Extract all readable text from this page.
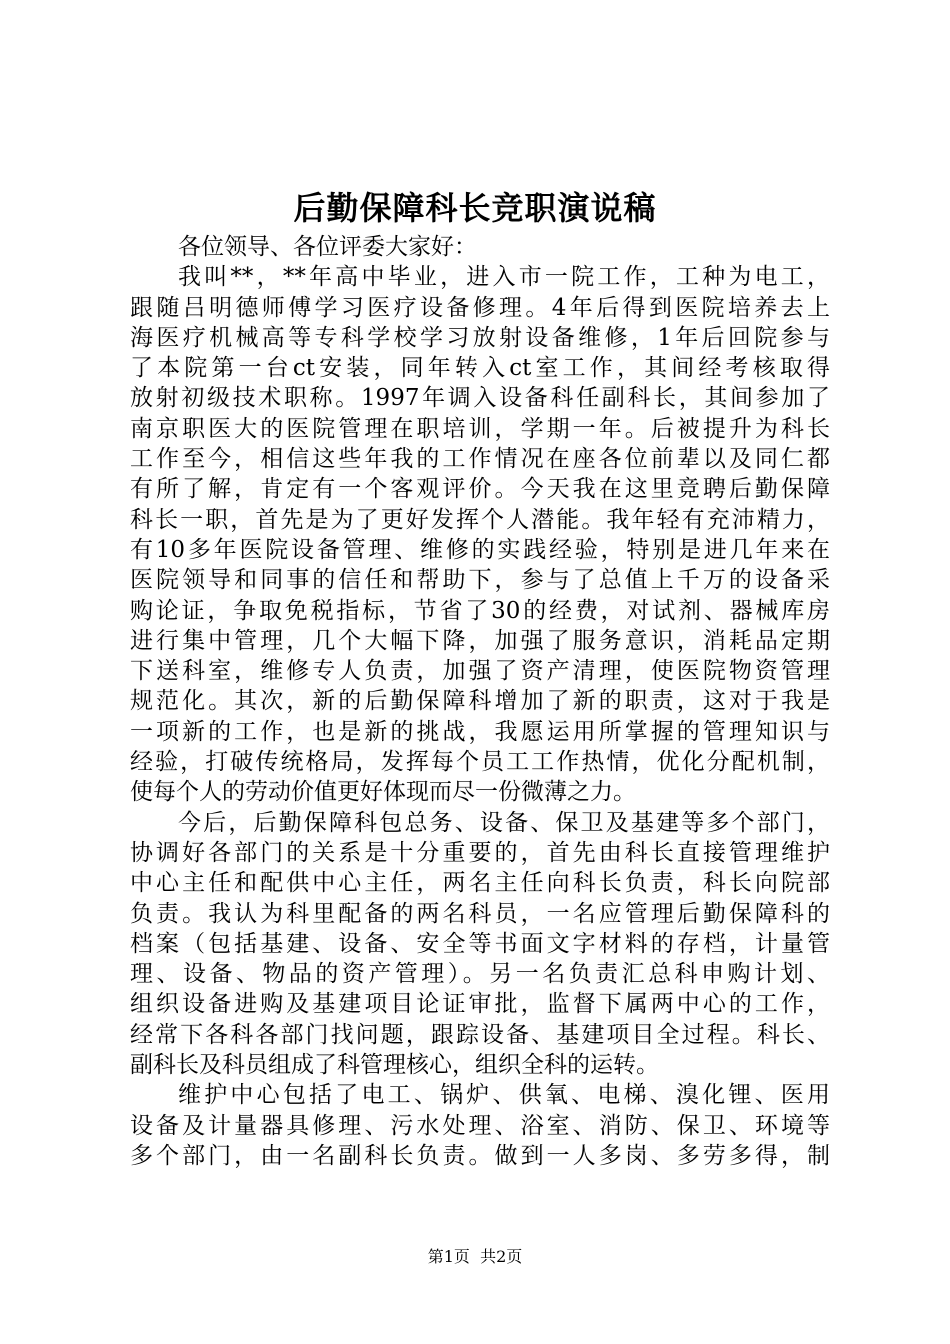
后勤保障科长竞职演说稿
各位领导、各位评委大家好：
我叫**，**年高中毕业，进入市一院工作，工种为电工，
跟随吕明德师傅学习医疗设备修理。4年后得到医院培养去上
海医疗机械高等专科学校学习放射设备维修，1年后回院参与
了本院第一台ct安装，同年转入ct室工作，其间经考核取得
放射初级技术职称。1997年调入设备科任副科长，其间参加了
南京职医大的医院管理在职培训，学期一年。后被提升为科长
工作至今，相信这些年我的工作情况在座各位前辈以及同仁都
有所了解，肯定有一个客观评价。今天我在这里竞聘后勤保障
科长一职，首先是为了更好发挥个人潜能。我年轻有充沛精力，
有10多年医院设备管理、维修的实践经验，特别是进几年来在
医院领导和同事的信任和帮助下，参与了总值上千万的设备采
购论证，争取免税指标，节省了30的经费，对试剂、器械库房
进行集中管理，几个大幅下降，加强了服务意识，消耗品定期
下送科室，维修专人负责，加强了资产清理，使医院物资管理
规范化。其次，新的后勤保障科增加了新的职责，这对于我是
一项新的工作，也是新的挑战，我愿运用所掌握的管理知识与
经验，打破传统格局，发挥每个员工工作热情，优化分配机制，
使每个人的劳动价值更好体现而尽一份微薄之力。
今后，后勤保障科包总务、设备、保卫及基建等多个部门，
协调好各部门的关系是十分重要的，首先由科长直接管理维护
中心主任和配供中心主任，两名主任向科长负责，科长向院部
负责。我认为科里配备的两名科员，一名应管理后勤保障科的
档案（包括基建、设备、安全等书面文字材料的存档，计量管
理、设备、物品的资产管理）。另一名负责汇总科申购计划、
组织设备进购及基建项目论证审批，监督下属两中心的工作，
经常下各科各部门找问题，跟踪设备、基建项目全过程。科长、
副科长及科员组成了科管理核心，组织全科的运转。
维护中心包括了电工、锅炉、供氧、电梯、溴化锂、医用
设备及计量器具修理、污水处理、浴室、消防、保卫、环境等
多个部门，由一名副科长负责。做到一人多岗、多劳多得，制
第1页  共2页
